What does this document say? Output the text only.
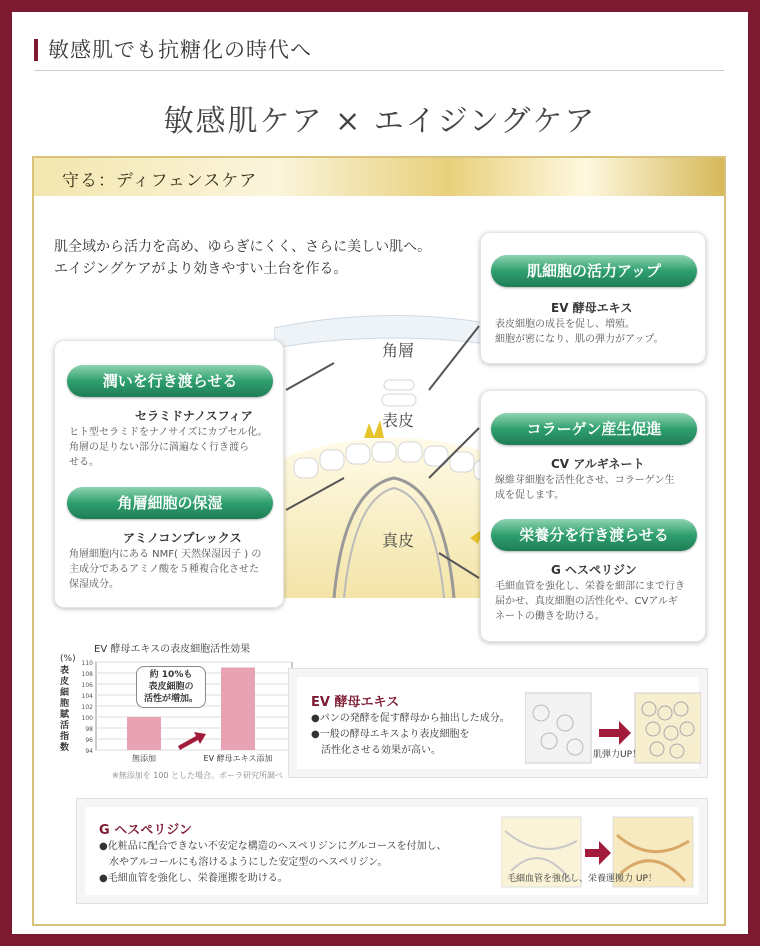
敏感肌でも抗糖化の時代へ
敏感肌ケア × エイジングケア
守る：ディフェンスケア
肌全域から活力を高め、ゆらぎにくく、さらに美しい肌へ。
エイジングケアがより効きやすい土台を作る。
角層
表皮
真皮
潤いを行き渡らせる
セラミドナノスフィア
ヒト型セラミドをナノサイズにカプセル化。
角層の足りない部分に満遍なく行き渡ら
せる。
角層細胞の保湿
アミノコンプレックス
角層細胞内にある NMF( 天然保湿因子 ) の
主成分であるアミノ酸を５種複合化させた
保湿成分。
肌細胞の活力アップ
EV 酵母エキス
表皮細胞の成長を促し、増殖。
細胞が密になり、肌の弾力がアップ。
コラーゲン産生促進
CV アルギネート
線維芽細胞を活性化させ、コラーゲン生
成を促します。
栄養分を行き渡らせる
G ヘスペリジン
毛細血管を強化し、栄養を細部にまで行き
届かせ、真皮細胞の活性化や、CVアルギ
ネートの働きを助ける。
EV 酵母エキスの表皮細胞活性効果
(%)
表皮細胞賦活指数
110
108
106
104
102
100
98
96
94
無添加	EV 酵母エキス添加
約 10%も
表皮細胞の
活性が増加。
※無添加を 100 とした場合。ポーラ研究所調べ
EV 酵母エキス

●パンの発酵を促す酵母から抽出した成分。
●一般の酵母エキスより表皮細胞を
　活性化させる効果が高い。	肌弾力UP！
G ヘスペリジン

●化粧品に配合できない不安定な構造のヘスペリジンにグルコースを付加し、
　水やアルコールにも溶けるようにした安定型のヘスペリジン。
●毛細血管を強化し、栄養運搬を助ける。	毛細血管を強化し、栄養運搬力 UP！
